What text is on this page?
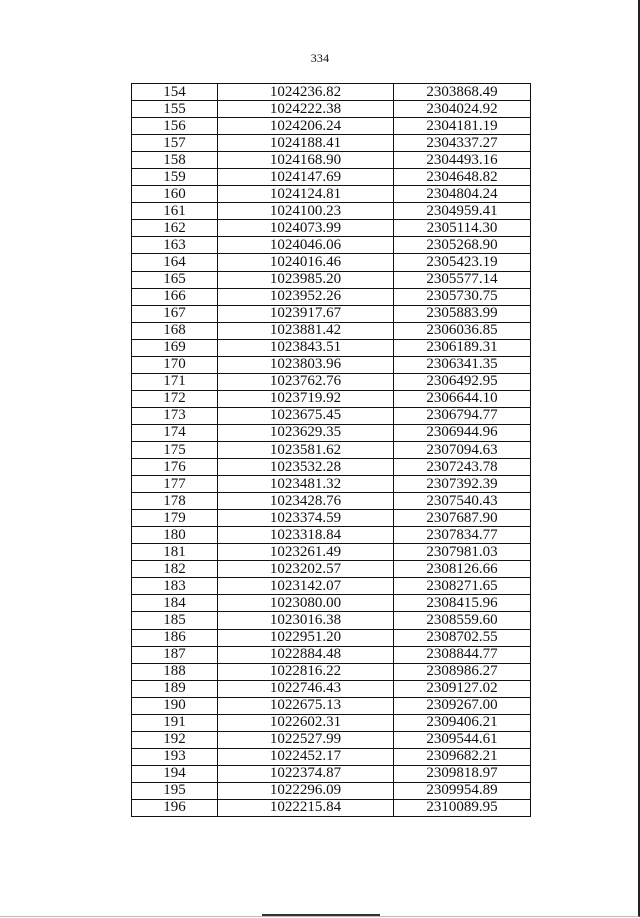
334
154	1024236.82	2303868.49
155	1024222.38	2304024.92
156	1024206.24	2304181.19
157	1024188.41	2304337.27
158	1024168.90	2304493.16
159	1024147.69	2304648.82
160	1024124.81	2304804.24
161	1024100.23	2304959.41
162	1024073.99	2305114.30
163	1024046.06	2305268.90
164	1024016.46	2305423.19
165	1023985.20	2305577.14
166	1023952.26	2305730.75
167	1023917.67	2305883.99
168	1023881.42	2306036.85
169	1023843.51	2306189.31
170	1023803.96	2306341.35
171	1023762.76	2306492.95
172	1023719.92	2306644.10
173	1023675.45	2306794.77
174	1023629.35	2306944.96
175	1023581.62	2307094.63
176	1023532.28	2307243.78
177	1023481.32	2307392.39
178	1023428.76	2307540.43
179	1023374.59	2307687.90
180	1023318.84	2307834.77
181	1023261.49	2307981.03
182	1023202.57	2308126.66
183	1023142.07	2308271.65
184	1023080.00	2308415.96
185	1023016.38	2308559.60
186	1022951.20	2308702.55
187	1022884.48	2308844.77
188	1022816.22	2308986.27
189	1022746.43	2309127.02
190	1022675.13	2309267.00
191	1022602.31	2309406.21
192	1022527.99	2309544.61
193	1022452.17	2309682.21
194	1022374.87	2309818.97
195	1022296.09	2309954.89
196	1022215.84	2310089.95
